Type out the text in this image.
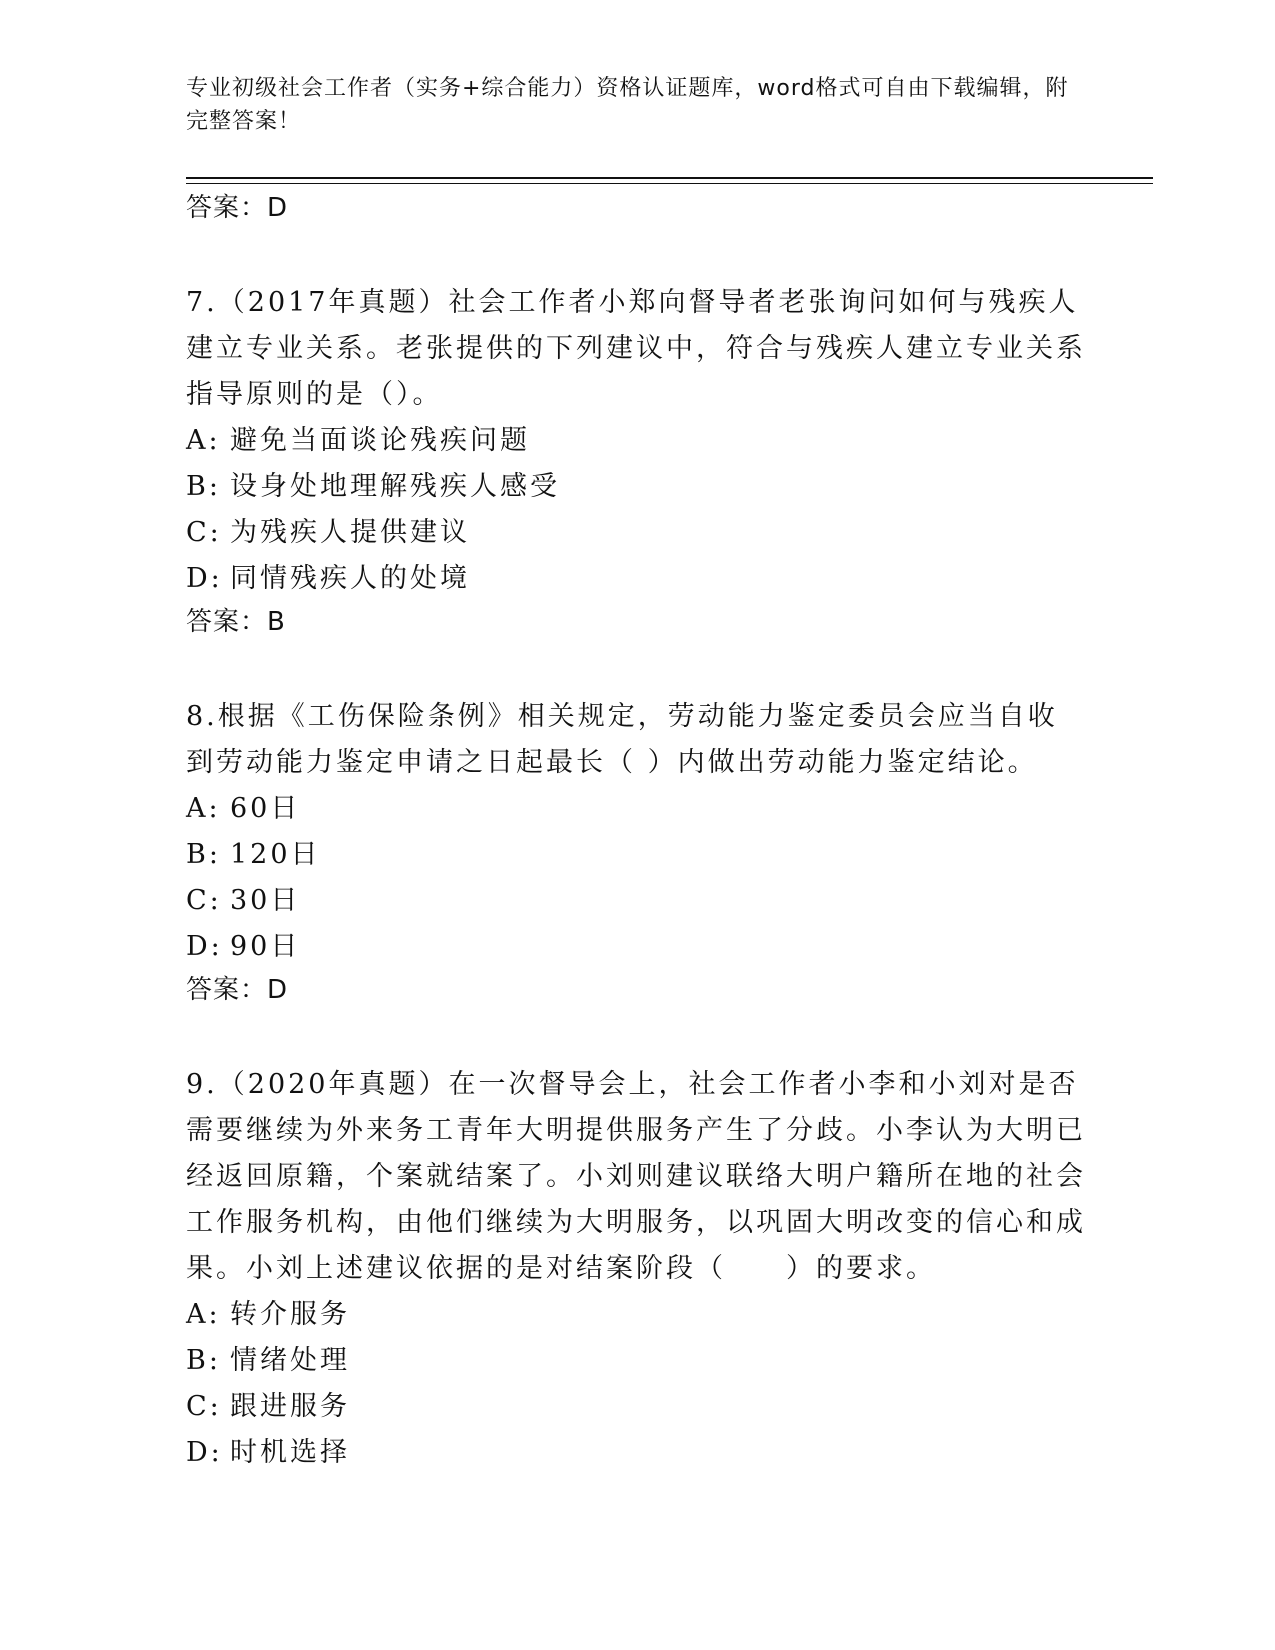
专业初级社会工作者（实务+综合能力）资格认证题库，word格式可自由下载编辑，附完整答案！
答案：D
7.（2017年真题）社会工作者小郑向督导者老张询问如何与残疾人建立专业关系。老张提供的下列建议中，符合与残疾人建立专业关系指导原则的是（）。
A: 避免当面谈论残疾问题
B: 设身处地理解残疾人感受
C: 为残疾人提供建议
D: 同情残疾人的处境
答案：B
8.根据《工伤保险条例》相关规定，劳动能力鉴定委员会应当自收到劳动能力鉴定申请之日起最长（ ）内做出劳动能力鉴定结论。
A: 60日
B: 120日
C: 30日
D: 90日
答案：D
9.（2020年真题）在一次督导会上，社会工作者小李和小刘对是否需要继续为外来务工青年大明提供服务产生了分歧。小李认为大明已经返回原籍，个案就结案了。小刘则建议联络大明户籍所在地的社会工作服务机构，由他们继续为大明服务，以巩固大明改变的信心和成果。小刘上述建议依据的是对结案阶段（　　）的要求。
A: 转介服务
B: 情绪处理
C: 跟进服务
D: 时机选择
